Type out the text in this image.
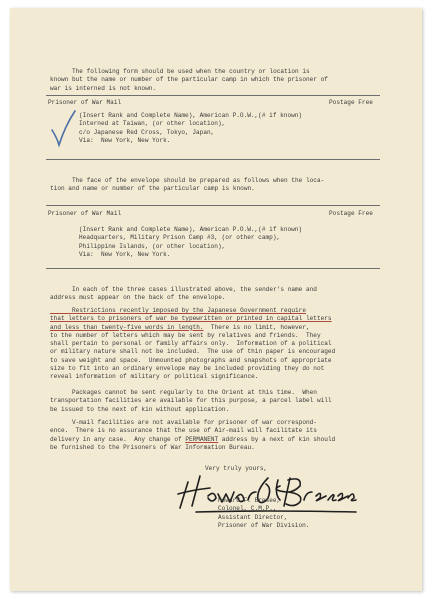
The following form should be used when the country or location is
known but the name or number of the particular camp in which the prisoner of
war is interned is not known.
Prisoner of War Mail	Postage Free
(Insert Rank and Complete Name), American P.O.W.,(# if known)
Interned at Taiwan, (or other location),
c/o Japanese Red Cross, Tokyo, Japan,
Via:  New York, New York.
The face of the envelope should be prepared as follows when the loca-
tion and name or number of the particular camp is known.
Prisoner of War Mail	Postage Free
(Insert Rank and Complete Name), American P.O.W.,(# if known)
Headquarters, Military Prison Camp #3, (or other camp),
Philippine Islands, (or other location),
Via:  New York, New York.
In each of the three cases illustrated above, the sender's name and
address must appear on the back of the envelope.
Restrictions recently imposed by the Japanese Government require
that letters to prisoners of war be typewritten or printed in capital letters
and less than twenty-five words in length.  There is no limit, however,
to the number of letters which may be sent by relatives and friends.  They
shall pertain to personal or family affairs only.  Information of a political
or military nature shall not be included.  The use of thin paper is encouraged
to save weight and space.  Unmounted photographs and snapshots of appropriate
size to fit into an ordinary envelope may be included providing they do not
reveal information of military or political significance.
Packages cannot be sent regularly to the Orient at this time.  When
transportation facilities are available for this purpose, a parcel label will
be issued to the next of kin without application.
V-mail facilities are not available for prisoner of war correspond-
ence.  There is no assurance that the use of Air-mail will facilitate its
delivery in any case.  Any change of PERMANENT address by a next of kin should
be furnished to the Prisoners of War Information Bureau.
Very truly yours,
Howard F. Bresee,
Colonel, C.M.P.,
Assistant Director,
Prisoner of War Division.
